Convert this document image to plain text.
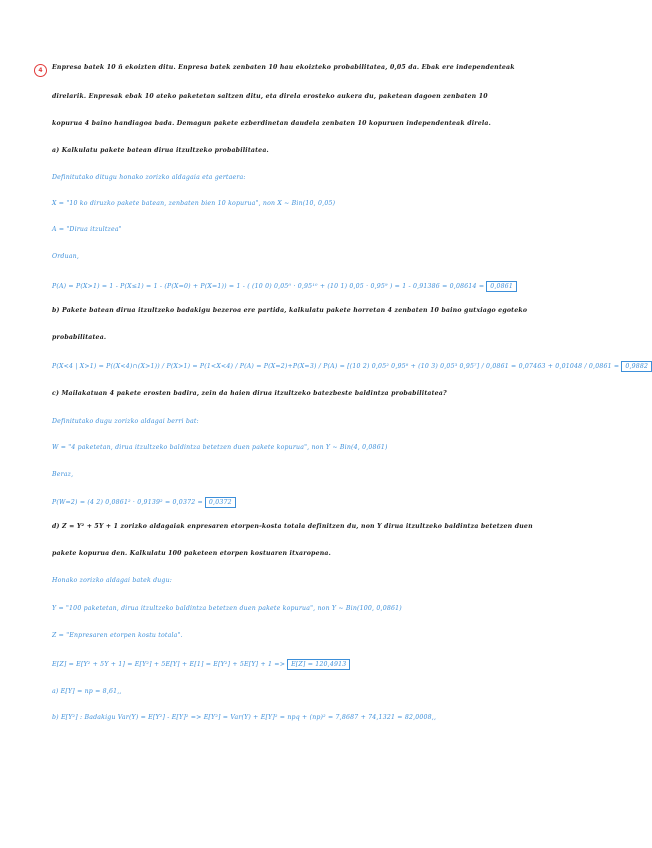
4	Enpresa batek 10 ñ ekoizten ditu. Enpresa batek zenbaten 10 hau ekoizteko probabilitatea, 0,05 da. Ebak ere independenteak
direlarik. Enpresak ebak 10 ateko paketetan saltzen ditu, eta direla erosteko aukera du, paketean dagoen zenbaten 10
kopurua 4 baino handiagoa bada. Demagun pakete ezberdinetan daudela zenbaten 10 kopuruen independenteak direla.
a) Kalkulatu pakete batean dirua itzultzeko probabilitatea.
Definitutako ditugu honako zorizko aldagaia eta gertaera:
X = "10 ko diruzko pakete batean, zenbaten bien 10 kopurua", non X ~ Bin(10, 0,05)
A = "Dirua itzultzea"
Orduan,
P(A) = P(X>1) = 1 - P(X≤1) = 1 - (P(X=0) + P(X=1)) = 1 - ( (10 0) 0,05⁰ · 0,95¹⁰ + (10 1) 0,05 · 0,95⁹ ) = 1 - 0,91386 = 0,08614 = 0,0861
b) Pakete batean dirua itzultzeko badakigu bezeroa ere partida, kalkulatu pakete horretan 4 zenbaten 10 baino gutxiago egoteko
probabilitatea.
P(X<4 | X>1) = P((X<4)∩(X>1)) / P(X>1) = P(1<X<4) / P(A) = P(X=2)+P(X=3) / P(A) = [(10 2) 0,05² 0,95⁸ + (10 3) 0,05³ 0,95⁷] / 0,0861 = 0,07463 + 0,01048 / 0,0861 = 0,9882
c) Mailakatuan 4 pakete erosten badira, zein da haien dirua itzultzeko batezbeste baldintza probabilitatea?
Definitutako dugu zorizko aldagai berri bat:
W = "4 paketetan, dirua itzultzeko baldintza betetzen duen pakete kopurua", non Y ~ Bin(4, 0,0861)
Beraz,
P(W=2) = (4 2) 0,0861² · 0,9139² = 0,0372 = 0,0372
d) Z = Y² + 5Y + 1 zorizko aldagaiak enpresaren etorpen-kosta totala definitzen du, non Y dirua itzultzeko baldintza betetzen duen
pakete kopurua den. Kalkulatu 100 paketeen etorpen kostuaren itxaropena.
Honako zorizko aldagai batek dugu:
Y = "100 paketetan, dirua itzultzeko baldintza betetzen duen pakete kopurua", non Y ~ Bin(100, 0,0861)
Z = "Enpresaren etorpen kostu totala".
E[Z] = E[Y² + 5Y + 1] = E[Y²] + 5E[Y] + E[1] = E[Y²] + 5E[Y] + 1 => E[Z] = 120,4913
a) E[Y] = np = 8,61,,
b) E[Y²] : Badakigu Var(Y) = E[Y²] - E[Y]² => E[Y²] = Var(Y) + E[Y]² = npq + (np)² = 7,8687 + 74,1321 = 82,0008,,
